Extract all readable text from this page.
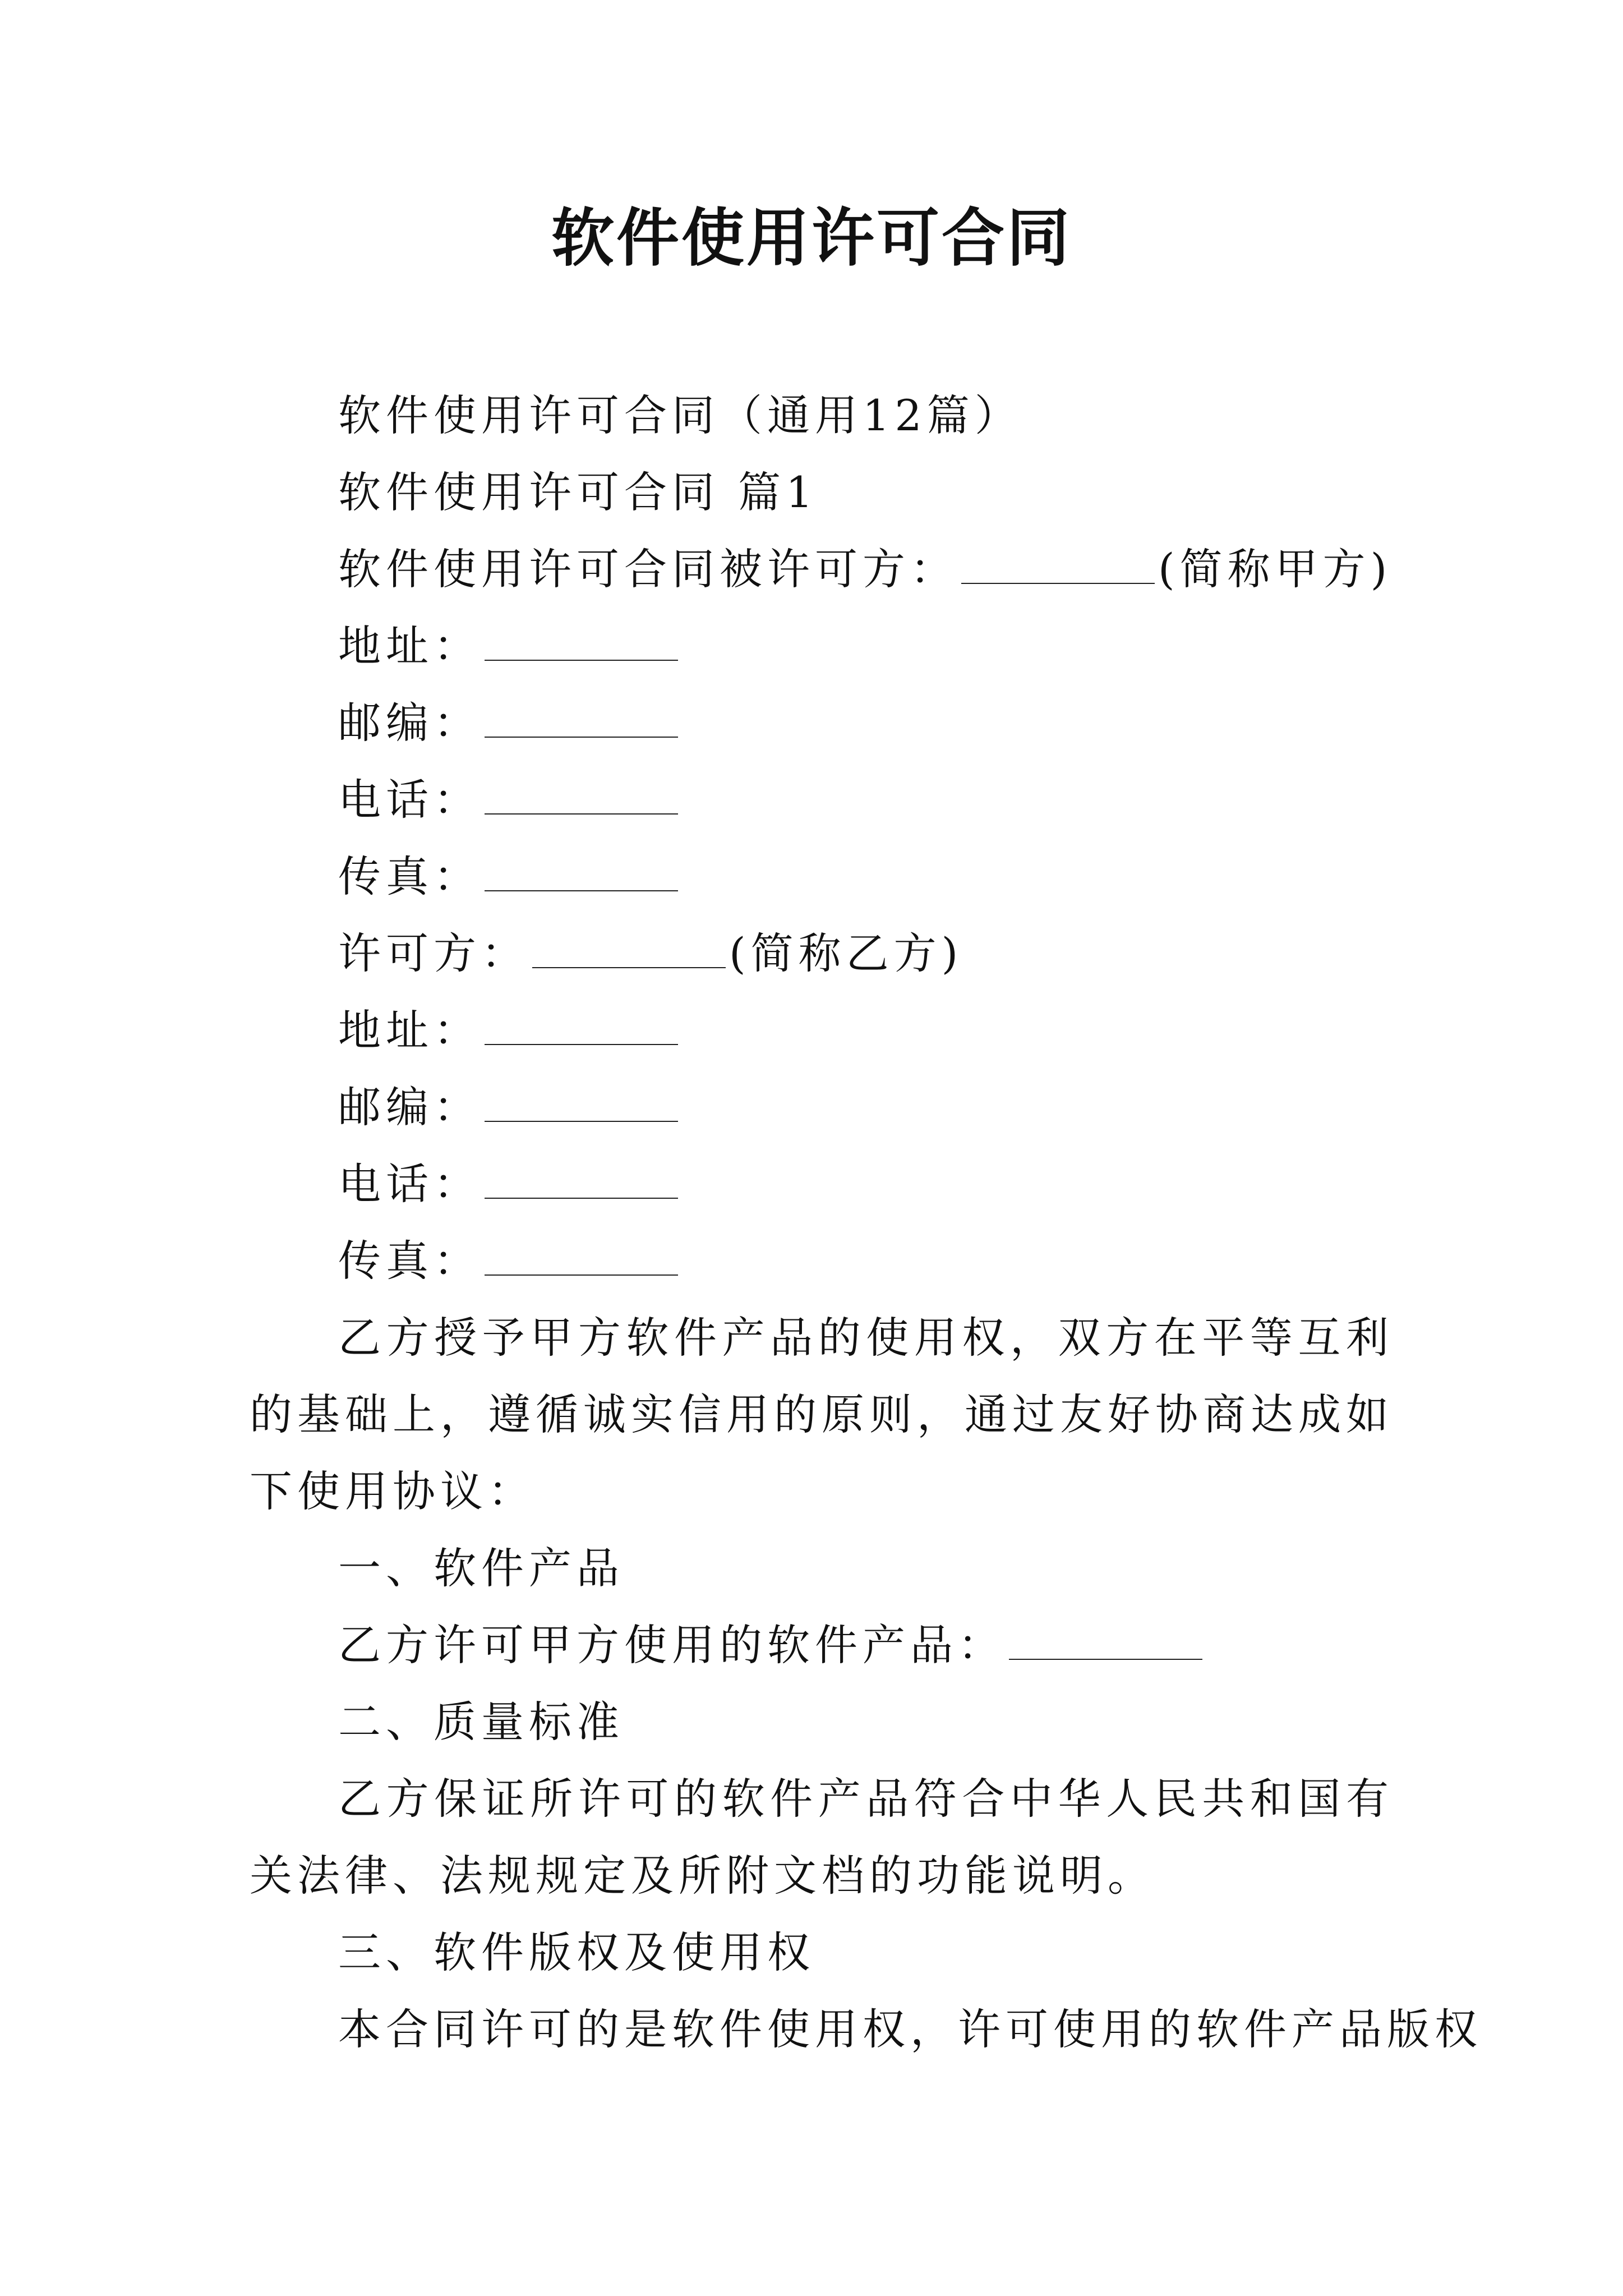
软件使用许可合同

软件使用许可合同（通用12篇）

软件使用许可合同 篇1

软件使用许可合同被许可方：	(简称甲方)

地址：

邮编：

电话：

传真：

许可方：	(简称乙方)

地址：

邮编：

电话：

传真：

乙方授予甲方软件产品的使用权，双方在平等互利的基础上，遵循诚实信用的原则，通过友好协商达成如下使用协议：

一、软件产品

乙方许可甲方使用的软件产品：

二、质量标准

乙方保证所许可的软件产品符合中华人民共和国有关法律、法规规定及所附文档的功能说明。

三、软件版权及使用权

本合同许可的是软件使用权，许可使用的软件产品版权
